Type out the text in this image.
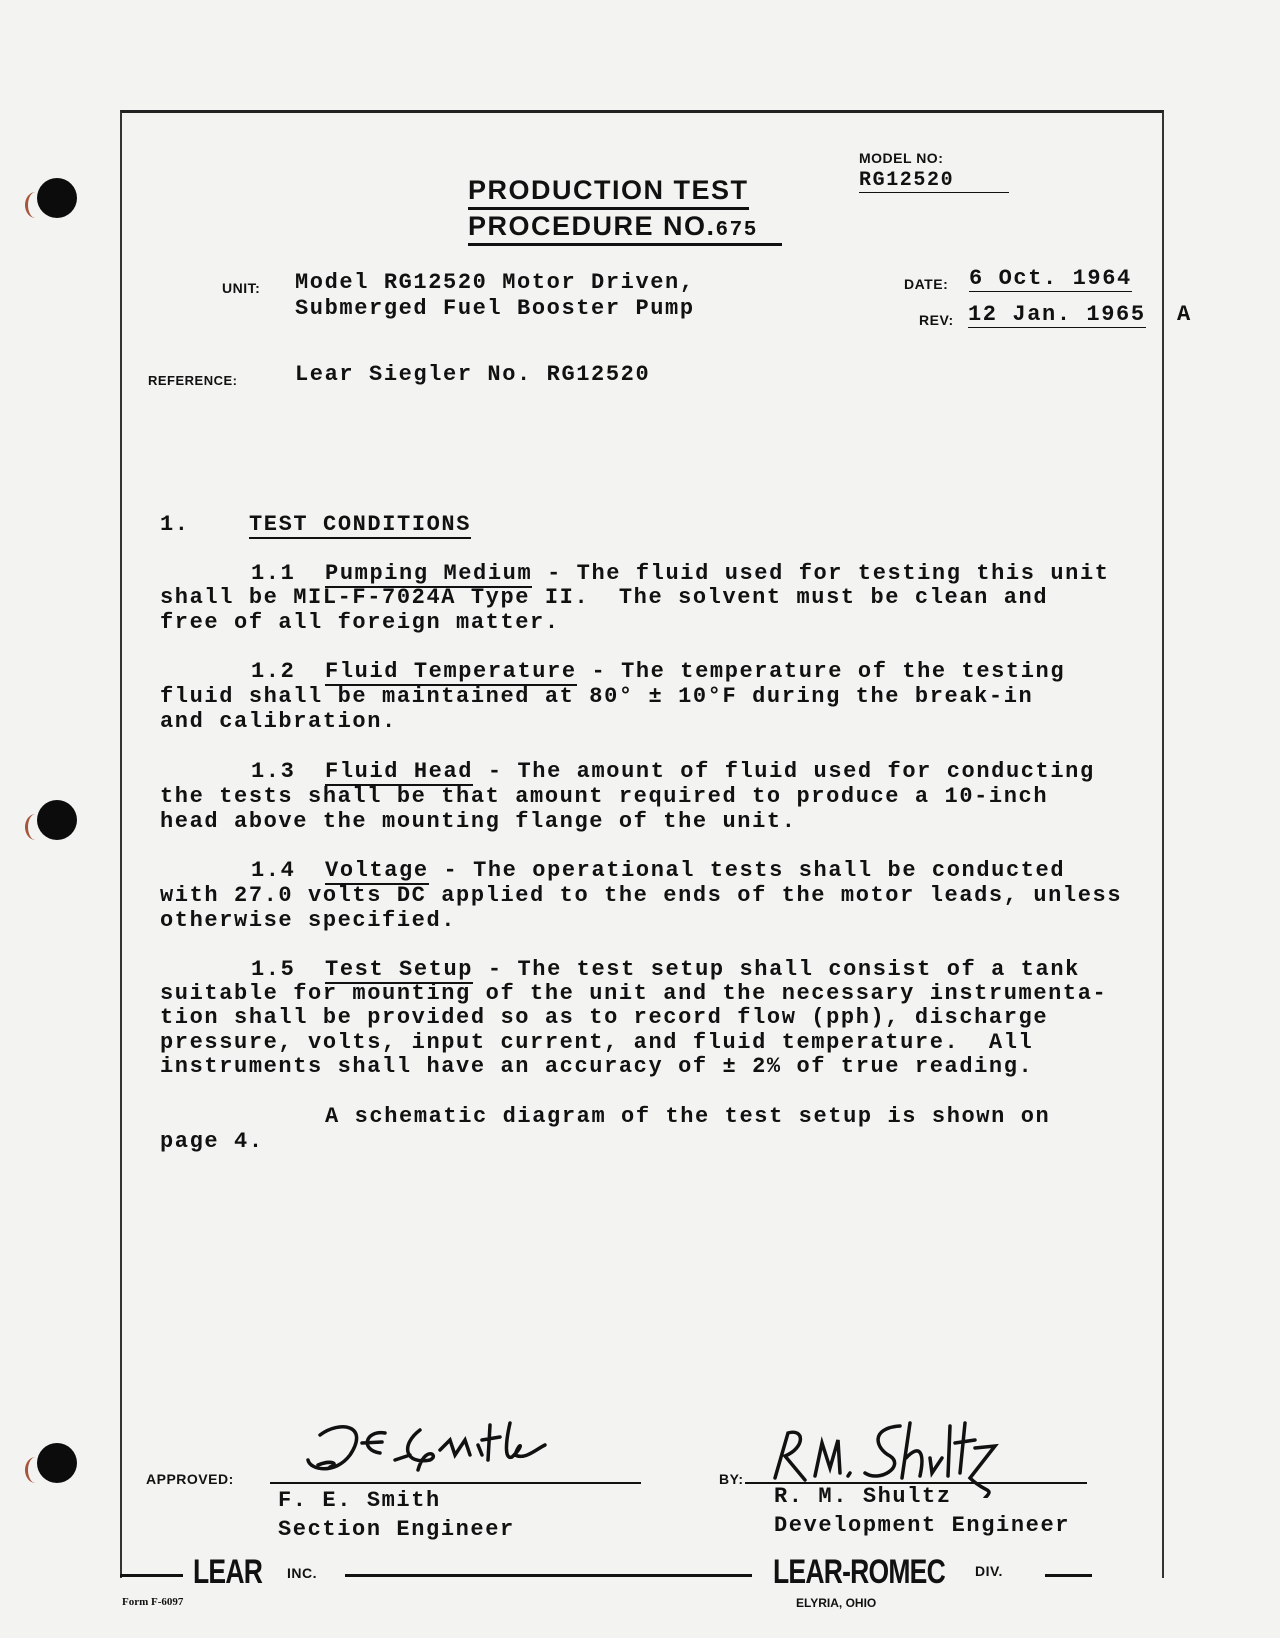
MODEL NO:
RG12520

PRODUCTION TEST
PROCEDURE NO.675
UNIT: Model RG12520 Motor Driven,
Submerged Fuel Booster Pump
DATE: 6 Oct. 1964
REV: 12 Jan. 1965 A
REFERENCE:	Lear Siegler No. RG12520
1.	TEST CONDITIONS
1.1 Pumping Medium - The fluid used for testing this unit
shall be MIL-F-7024A Type II.  The solvent must be clean and
free of all foreign matter.
1.2 Fluid Temperature - The temperature of the testing
fluid shall be maintained at 80° ± 10°F during the break-in
and calibration.
1.3 Fluid Head - The amount of fluid used for conducting
the tests shall be that amount required to produce a 10-inch
head above the mounting flange of the unit.
1.4 Voltage - The operational tests shall be conducted
with 27.0 volts DC applied to the ends of the motor leads, unless
otherwise specified.
1.5 Test Setup - The test setup shall consist of a tank
suitable for mounting of the unit and the necessary instrumenta-
tion shall be provided so as to record flow (pph), discharge
pressure, volts, input current, and fluid temperature.  All
instruments shall have an accuracy of ± 2% of true reading.
A schematic diagram of the test setup is shown on
page 4.
APPROVED:
F. E. Smith
Section Engineer
BY:
R. M. Shultz
Development Engineer
LEAR INC.	LEAR-ROMEC DIV.
ELYRIA, OHIO
Form F-6097
